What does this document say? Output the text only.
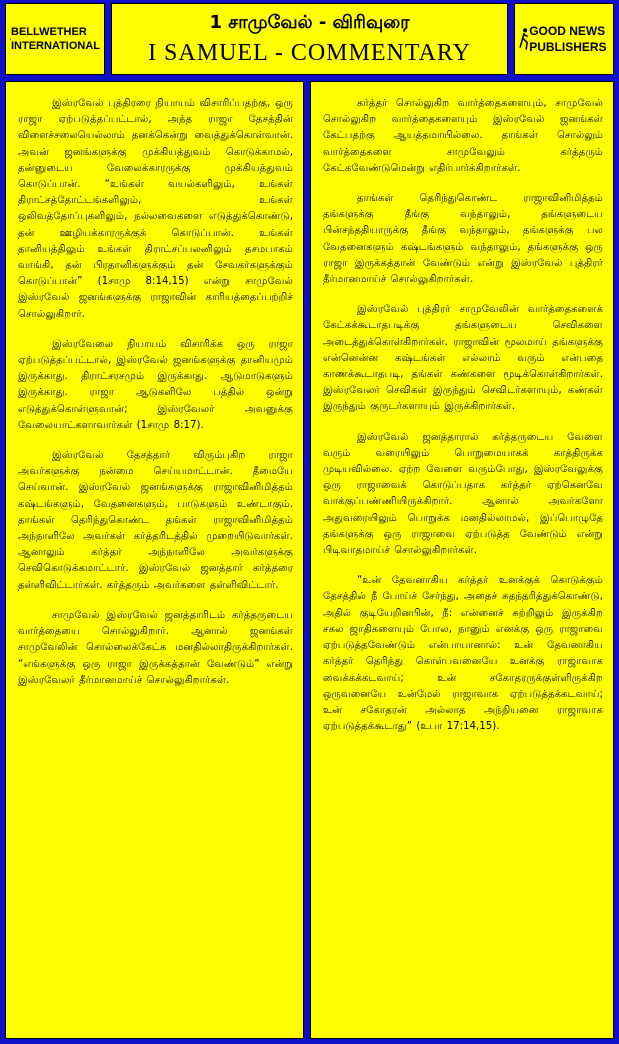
BELLWETHER INTERNATIONAL
1 சாமுவேல் - விரிவுரை
I SAMUEL - COMMENTARY
GOOD NEWS PUBLISHERS

இஸ்ரவேல் புத்திரரை நியாயம் விசாரிப்பதற்கு, ஒரு ராஜா ஏற்படுத்தப்பட்டால், அந்த ராஜா தேசத்தின் விளைச்சலையெல்லாம் தனக்கென்று வைத்துக்கொள்வான். அவன் ஜனங்களுக்கு முக்கியத்துவம் கொடுக்காமல், தன்னுடைய வேலைக்காரருக்கு முக்கியத்துவம் கொடுப்பான். “உங்கள் வயல்களிலும், உங்கள் திராட்சத்தோட்டங்களிலும், உங்கள் ஒலிவத்தோப்புகளிலும், நல்லவைகளை எடுத்துக்கொண்டு, தன் ஊழியக்காரருக்குக் கொடுப்பான். உங்கள் தானியத்திலும் உங்கள் திராட்சப்பலனிலும் தசமபாகம் வாங்கி, தன் பிரதானிகளுக்கும் தன் சேவகர்களுக்கும் கொடுப்பான்” (1சாமு 8:14,15) என்று சாமுவேல் இஸ்ரவேல் ஜனங்களுக்கு ராஜாவின் காரியத்தைப்பற்றிச் சொல்லுகிறார்.

இஸ்ரவேலை நியாயம் விசாரிக்க ஒரு ராஜா ஏற்படுத்தப்பட்டால், இஸ்ரவேல் ஜனங்களுக்கு தானியமும் இருக்காது. திராட்சரசமும் இருக்காது. ஆடுமாடுகளும் இருக்காது. ராஜா ஆடுகளிலே பத்தில் ஒன்று எடுத்துக்கொள்ளுவான்; இஸ்ரவேலர் அவனுக்கு வேலையாட்களாவார்கள் (1சாமு 8:17).

இஸ்ரவேல் தேசத்தார் விரும்புகிற ராஜா அவர்களுக்கு நன்மை செய்யமாட்டான். தீமையே செய்வான். இஸ்ரவேல் ஜனங்களுக்கு ராஜாவினிமித்தம் கஷ்டங்களும், வேதனைகளும், பாடுகளும் உண்டாகும். தாங்கள் தெரிந்துகொண்ட தங்கள் ராஜாவினிமித்தம் அந்நாளிலே அவர்கள் கர்த்தரிடத்தில் முறையிடுவார்கள். ஆனாலும் கர்த்தர் அந்நாளிலே அவர்களுக்கு செவிகொடுக்கமாட்டார். இஸ்ரவேல் ஜனத்தார் கர்த்தரை தள்ளிவிட்டார்கள். கர்த்தரும் அவர்களை தள்ளிவிட்டார்.

சாமுவேல் இஸ்ரவேல் ஜனத்தாரிடம் கர்த்தருடைய வார்த்தையை சொல்லுகிறார். ஆனால் ஜனங்கள் சாமுவேலின் சொல்லைக்கேட்க மனதில்லாதிருக்கிறார்கள். “எங்களுக்கு ஒரு ராஜா இருக்கத்தான் வேண்டும்” என்று இஸ்ரவேலர் தீர்மானமாய்ச் சொல்லுகிறார்கள்.

கர்த்தர் சொல்லுகிற வார்த்தைகளையும், சாமுவேல் சொல்லுகிற வார்த்தைகளையும் இஸ்ரவேல் ஜனங்கள் கேட்பதற்கு ஆயத்தமாயில்லை. தாங்கள் சொல்லும் வார்த்தைகளை சாமுவேலும் கர்த்தரும் கேட்கவேண்டுமென்று எதிர்பார்க்கிறார்கள்.

தாங்கள் தெரிந்துகொண்ட ராஜாவினிமித்தம் தங்களுக்கு தீங்கு வந்தாலும், தங்களுடைய பின்சந்ததியாருக்கு தீங்கு வந்தாலும், தங்களுக்கு பல வேதனைகளும் கஷ்டங்களும் வந்தாலும், தங்களுக்கு ஒரு ராஜா இருக்கத்தான் வேண்டும் என்று இஸ்ரவேல் புத்திரர் தீர்மானமாய்ச் சொல்லுகிறார்கள்.

இஸ்ரவேல் புத்திரர் சாமுவேலின் வார்த்தைகளைக் கேட்கக்கூடாதபடிக்கு தங்களுடைய செவிகளை அடைத்துக்கொள்கிறார்கள். ராஜாவின் மூலமாய் தங்களுக்கு என்னென்ன கஷ்டங்கள் எல்லாம் வரும் என்பதை காணக்கூடாதபடி, தங்கள் கண்களை மூடிக்கொள்கிறார்கள். இஸ்ரவேலர் செவிகள் இருந்தும் செவிடர்களாயும், கண்கள் இருந்தும் குருடர்களாயும் இருக்கிறார்கள்.

இஸ்ரவேல் ஜனத்தாரால் கர்த்தருடைய வேளை வரும் வரையிலும் பொறுமையாகக் காத்திருக்க முடியவில்லை. ஏற்ற வேளை வரும்போது, இஸ்ரவேலுக்கு ஒரு ராஜாவைக் கொடுப்பதாக கர்த்தர் ஏற்கெனவே வாக்குப்பண்ணியிருக்கிறார். ஆனால் அவர்களோ அதுவரையிலும் பொறுக்க மனதில்லாமல், இப்பொழுதே தங்களுக்கு ஒரு ராஜாவை ஏற்படுத்த வேண்டும் என்று பிடிவாதமாய்ச் சொல்லுகிறார்கள்.

“உன் தேவனாகிய கர்த்தர் உனக்குக் கொடுக்கும் தேசத்தில் நீ போய்ச் சேர்ந்து, அதைச் சுதந்தரித்துக்கொண்டு, அதில் குடியேறினபின், நீ: என்னைச் சுற்றிலும் இருக்கிற சகல ஜாதிகளையும் போல, நானும் எனக்கு ஒரு ராஜாவை ஏற்படுத்தவேண்டும் என்பாயானால்: உன் தேவனாகிய கர்த்தர் தெரிந்து கொள்பவனையே உனக்கு ராஜாவாக வைக்கக்கடவாய்; உன் சகோதரருக்குள்ளிருக்கிற ஒருவனையே உன்மேல் ராஜாவாக ஏற்படுத்தக்கடவாய்; உன் சகோதரன் அல்லாத அந்நியனை ராஜாவாக ஏற்படுத்தக்கூடாது” (உபா 17:14,15).
